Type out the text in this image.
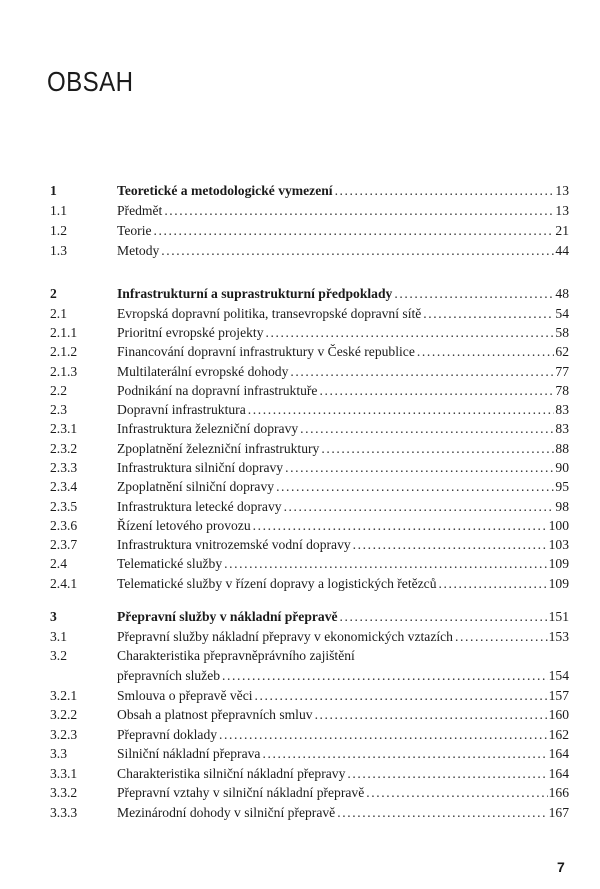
OBSAH
1	Teoretické a metodologické vymezení .....	13
1.1	Předmět .....	13
1.2	Teorie .....	21
1.3	Metody .....	44
2	Infrastrukturní a suprastrukturní předpoklady .....	48
2.1	Evropská dopravní politika, transevropské dopravní sítě .....	54
2.1.1	Prioritní evropské projekty .....	58
2.1.2	Financování dopravní infrastruktury v České republice .....	62
2.1.3	Multilaterální evropské dohody .....	77
2.2	Podnikání na dopravní infrastruktuře .....	78
2.3	Dopravní infrastruktura .....	83
2.3.1	Infrastruktura železniční dopravy .....	83
2.3.2	Zpoplatnění železniční infrastruktury .....	88
2.3.3	Infrastruktura silniční dopravy .....	90
2.3.4	Zpoplatnění silniční dopravy .....	95
2.3.5	Infrastruktura letecké dopravy .....	98
2.3.6	Řízení letového provozu .....	100
2.3.7	Infrastruktura vnitrozemské vodní dopravy .....	103
2.4	Telematické služby .....	109
2.4.1	Telematické služby v řízení dopravy a logistických řetězců .....	109
3	Přepravní služby v nákladní přepravě .....	151
3.1	Přepravní služby nákladní přepravy v ekonomických vztazích .....	153
3.2	Charakteristika přepravněprávního zajištění
přepravních služeb .....	154
3.2.1	Smlouva o přepravě věci .....	157
3.2.2	Obsah a platnost přepravních smluv .....	160
3.2.3	Přepravní doklady .....	162
3.3	Silniční nákladní přeprava .....	164
3.3.1	Charakteristika silniční nákladní přepravy .....	164
3.3.2	Přepravní vztahy v silniční nákladní přepravě .....	166
3.3.3	Mezinárodní dohody v silniční přepravě .....	167
7
